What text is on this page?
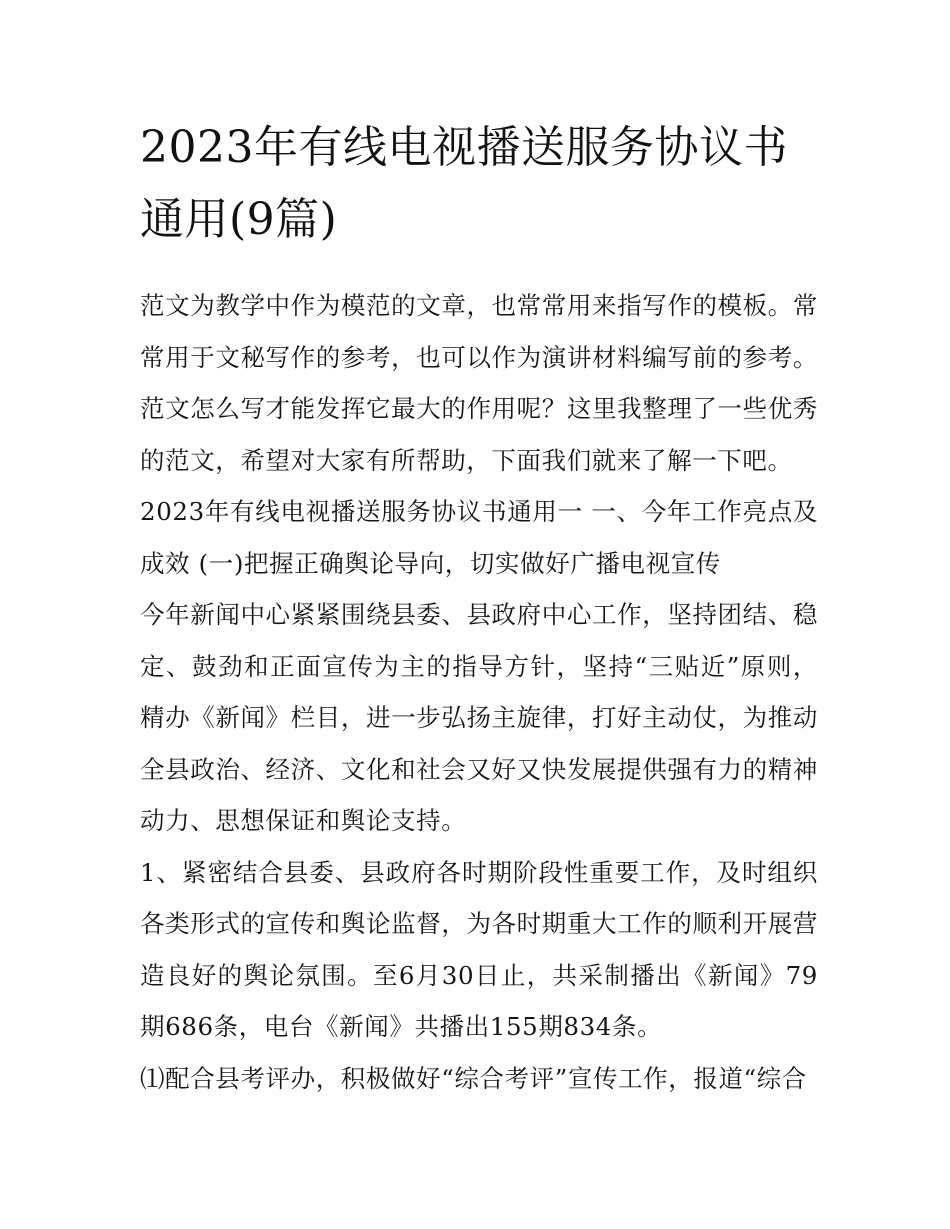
2023年有线电视播送服务协议书通用(9篇)

范文为教学中作为模范的文章，也常常用来指写作的模板。常常用于文秘写作的参考，也可以作为演讲材料编写前的参考。范文怎么写才能发挥它最大的作用呢？这里我整理了一些优秀的范文，希望对大家有所帮助，下面我们就来了解一下吧。

2023年有线电视播送服务协议书通用一 一、今年工作亮点及成效 (一)把握正确舆论导向，切实做好广播电视宣传

今年新闻中心紧紧围绕县委、县政府中心工作，坚持团结、稳定、鼓劲和正面宣传为主的指导方针，坚持“三贴近”原则，精办《新闻》栏目，进一步弘扬主旋律，打好主动仗，为推动全县政治、经济、文化和社会又好又快发展提供强有力的精神动力、思想保证和舆论支持。

1、紧密结合县委、县政府各时期阶段性重要工作，及时组织各类形式的宣传和舆论监督，为各时期重大工作的顺利开展营造良好的舆论氛围。至6月30日止，共采制播出《新闻》79期686条，电台《新闻》共播出155期834条。

⑴配合县考评办，积极做好“综合考评”宣传工作，报道“综合
